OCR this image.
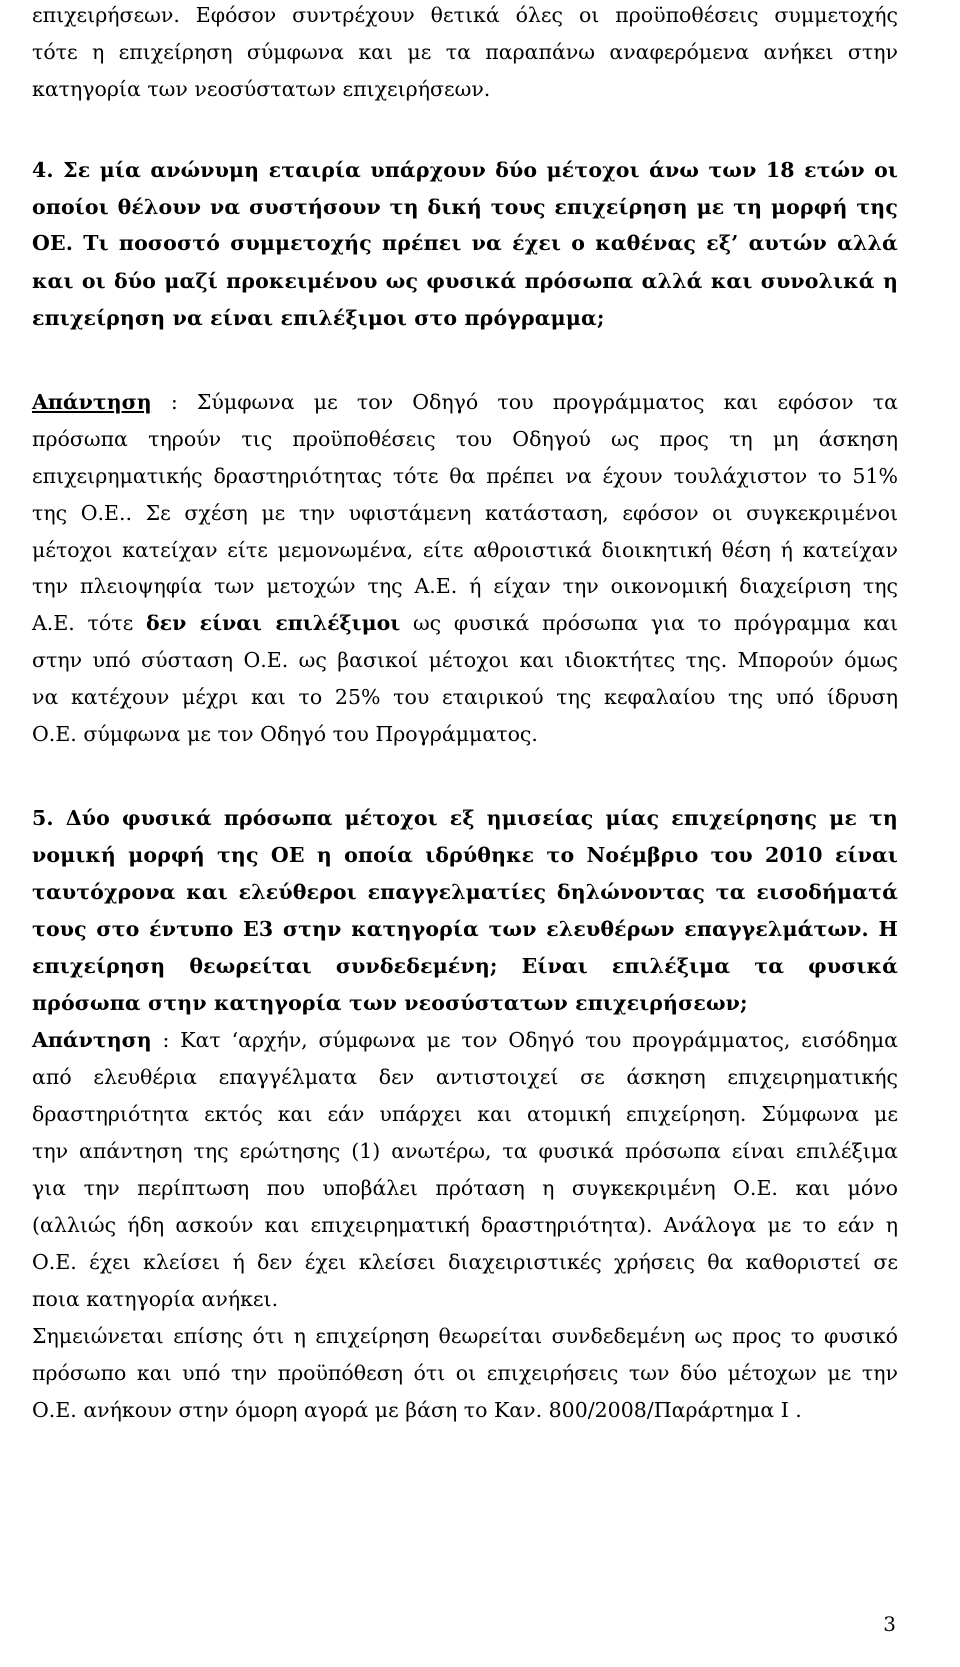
επιχειρήσεων. Εφόσον συντρέχουν θετικά όλες οι προϋποθέσεις συμμετοχής
τότε η επιχείρηση σύμφωνα και με τα παραπάνω αναφερόμενα ανήκει στην
κατηγορία των νεοσύστατων επιχειρήσεων.
4. Σε μία ανώνυμη εταιρία υπάρχουν δύο μέτοχοι άνω των 18 ετών οι
οποίοι θέλουν να συστήσουν τη δική τους επιχείρηση με τη μορφή της
ΟΕ. Τι ποσοστό συμμετοχής πρέπει να έχει ο καθένας εξ’ αυτών αλλά
και οι δύο μαζί προκειμένου ως φυσικά πρόσωπα αλλά και συνολικά η
επιχείρηση να είναι επιλέξιμοι στο πρόγραμμα;
Απάντηση : Σύμφωνα με τον Οδηγό του προγράμματος και εφόσον τα
πρόσωπα τηρούν τις προϋποθέσεις του Οδηγού ως προς τη μη άσκηση
επιχειρηματικής δραστηριότητας τότε θα πρέπει να έχουν τουλάχιστον το 51%
της Ο.Ε.. Σε σχέση με την υφιστάμενη κατάσταση, εφόσον οι συγκεκριμένοι
μέτοχοι κατείχαν είτε μεμονωμένα, είτε αθροιστικά διοικητική θέση ή κατείχαν
την πλειοψηφία των μετοχών της Α.Ε. ή είχαν την οικονομική διαχείριση της
Α.Ε. τότε δεν είναι επιλέξιμοι ως φυσικά πρόσωπα για το πρόγραμμα και
στην υπό σύσταση Ο.Ε. ως βασικοί μέτοχοι και ιδιοκτήτες της. Μπορούν όμως
να κατέχουν μέχρι και το 25% του εταιρικού της κεφαλαίου της υπό ίδρυση
Ο.Ε. σύμφωνα με τον Οδηγό του Προγράμματος.
5. Δύο φυσικά πρόσωπα μέτοχοι εξ ημισείας μίας επιχείρησης με τη
νομική μορφή της ΟΕ η οποία ιδρύθηκε το Νοέμβριο του 2010 είναι
ταυτόχρονα και ελεύθεροι επαγγελματίες δηλώνοντας τα εισοδήματά
τους στο έντυπο Ε3 στην κατηγορία των ελευθέρων επαγγελμάτων. Η
επιχείρηση θεωρείται συνδεδεμένη; Είναι επιλέξιμα τα φυσικά
πρόσωπα στην κατηγορία των νεοσύστατων επιχειρήσεων;
Απάντηση : Κατ ‘αρχήν, σύμφωνα με τον Οδηγό του προγράμματος, εισόδημα
από ελευθέρια επαγγέλματα δεν αντιστοιχεί σε άσκηση επιχειρηματικής
δραστηριότητα εκτός και εάν υπάρχει και ατομική επιχείρηση. Σύμφωνα με
την απάντηση της ερώτησης (1) ανωτέρω, τα φυσικά πρόσωπα είναι επιλέξιμα
για την περίπτωση που υποβάλει πρόταση η συγκεκριμένη Ο.Ε. και μόνο
(αλλιώς ήδη ασκούν και επιχειρηματική δραστηριότητα). Ανάλογα με το εάν η
Ο.Ε. έχει κλείσει ή δεν έχει κλείσει διαχειριστικές χρήσεις θα καθοριστεί σε
ποια κατηγορία ανήκει.
Σημειώνεται επίσης ότι η επιχείρηση θεωρείται συνδεδεμένη ως προς το φυσικό
πρόσωπο και υπό την προϋπόθεση ότι οι επιχειρήσεις των δύο μέτοχων με την
Ο.Ε. ανήκουν στην όμορη αγορά με βάση το Καν. 800/2008/Παράρτημα Ι .
3
